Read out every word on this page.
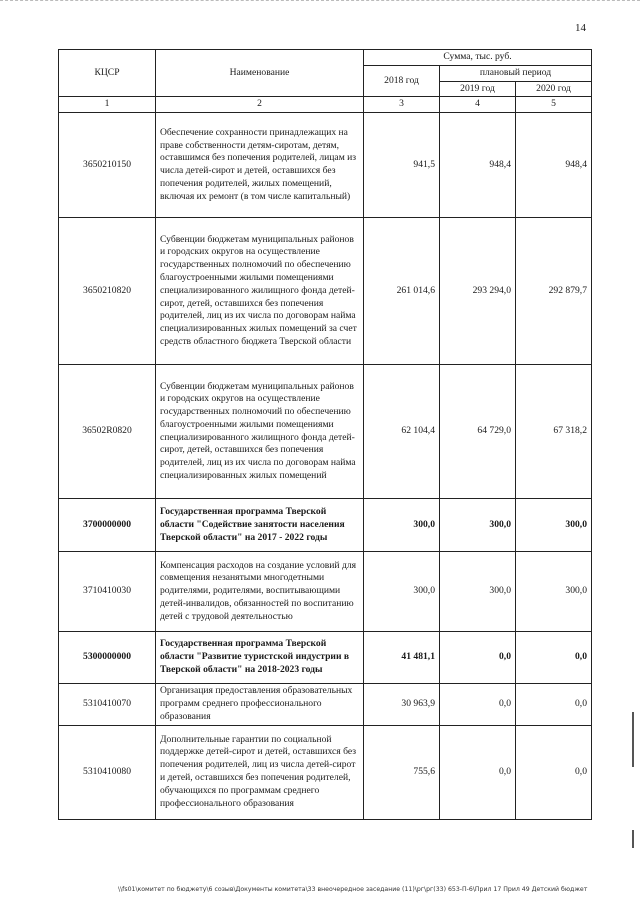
14
КЦСР	Наименование	Сумма, тыс. руб.		
		2018 год	плановый период	
			2019 год	2020 год
1	2	3	4	5
3650210150	Обеспечение сохранности принадлежащих на праве собственности детям-сиротам, детям, оставшимся без попечения родителей, лицам из числа детей-сирот и детей, оставшихся без попечения родителей, жилых помещений, включая их ремонт (в том числе капитальный)	941,5	948,4	948,4
3650210820	Субвенции бюджетам муниципальных районов и городских округов на осуществление государственных полномочий по обеспечению благоустроенными жилыми помещениями специализированного жилищного фонда детей-сирот, детей, оставшихся без попечения родителей, лиц из их числа по договорам найма специализированных жилых помещений за счет средств областного бюджета Тверской области	261 014,6	293 294,0	292 879,7
36502R0820	Субвенции бюджетам муниципальных районов и городских округов на осуществление государственных полномочий по обеспечению благоустроенными жилыми помещениями специализированного жилищного фонда детей-сирот, детей, оставшихся без попечения родителей, лиц из их числа по договорам найма специализированных жилых помещений	62 104,4	64 729,0	67 318,2
3700000000	Государственная программа Тверской области "Содействие занятости населения Тверской области" на 2017 - 2022 годы	300,0	300,0	300,0
3710410030	Компенсация расходов на создание условий для совмещения незанятыми многодетными родителями, родителями, воспитывающими детей-инвалидов, обязанностей по воспитанию детей с трудовой деятельностью	300,0	300,0	300,0
5300000000	Государственная программа Тверской области "Развитие туристской индустрии в Тверской области" на 2018-2023 годы	41 481,1	0,0	0,0
5310410070	Организация предоставления образовательных программ среднего профессионального образования	30 963,9	0,0	0,0
5310410080	Дополнительные гарантии по социальной поддержке детей-сирот и детей, оставшихся без попечения родителей, лиц из числа детей-сирот и детей, оставшихся без попечения родителей, обучающихся по программам среднего профессионального образования	755,6	0,0	0,0
\\fs01\комитет по бюджету\6 созыв\Документы комитета\33 внеочередное заседание (11)\рг\рг(33) 653-П-6\Прил 17 Прил 49 Детский бюджет
